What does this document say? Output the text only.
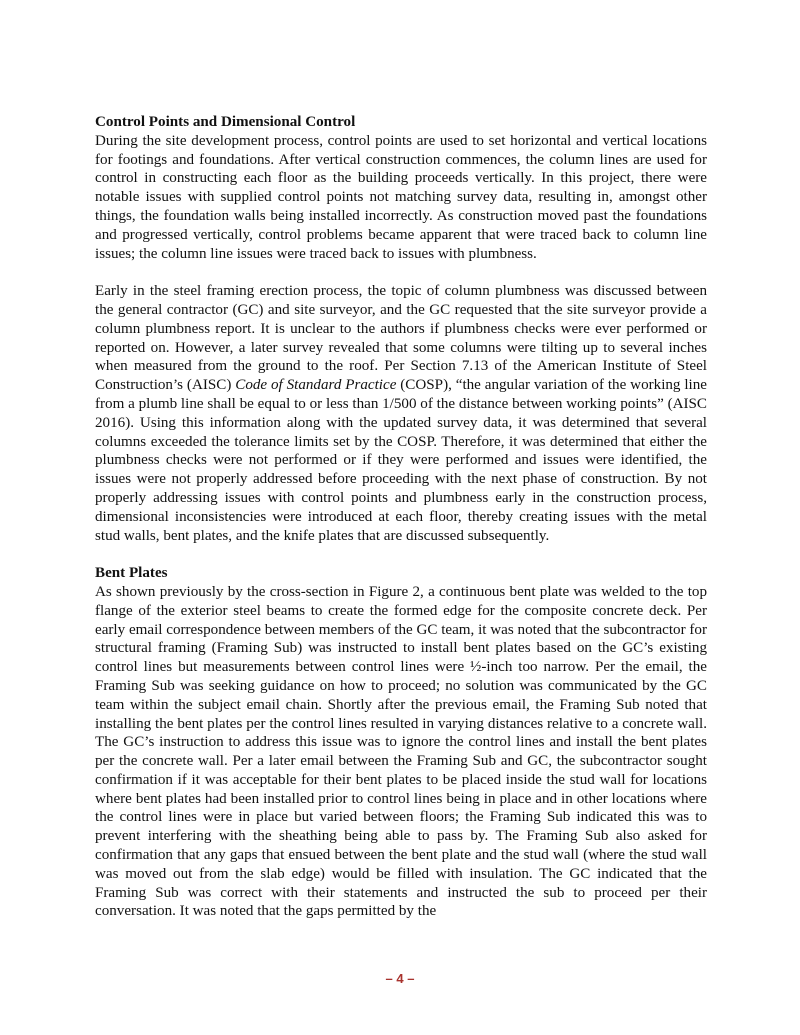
Control Points and Dimensional Control

During the site development process, control points are used to set horizontal and vertical locations for footings and foundations. After vertical construction commences, the column lines are used for control in constructing each floor as the building proceeds vertically. In this project, there were notable issues with supplied control points not matching survey data, resulting in, amongst other things, the foundation walls being installed incorrectly. As construction moved past the foundations and progressed vertically, control problems became apparent that were traced back to column line issues; the column line issues were traced back to issues with plumbness.

Early in the steel framing erection process, the topic of column plumbness was discussed between the general contractor (GC) and site surveyor, and the GC requested that the site surveyor provide a column plumbness report. It is unclear to the authors if plumbness checks were ever performed or reported on. However, a later survey revealed that some columns were tilting up to several inches when measured from the ground to the roof. Per Section 7.13 of the American Institute of Steel Construction’s (AISC) Code of Standard Practice (COSP), “the angular variation of the working line from a plumb line shall be equal to or less than 1/500 of the distance between working points” (AISC 2016). Using this information along with the updated survey data, it was determined that several columns exceeded the tolerance limits set by the COSP. Therefore, it was determined that either the plumbness checks were not performed or if they were performed and issues were identified, the issues were not properly addressed before proceeding with the next phase of construction. By not properly addressing issues with control points and plumbness early in the construction process, dimensional inconsistencies were introduced at each floor, thereby creating issues with the metal stud walls, bent plates, and the knife plates that are discussed subsequently.

Bent Plates

As shown previously by the cross-section in Figure 2, a continuous bent plate was welded to the top flange of the exterior steel beams to create the formed edge for the composite concrete deck. Per early email correspondence between members of the GC team, it was noted that the subcontractor for structural framing (Framing Sub) was instructed to install bent plates based on the GC’s existing control lines but measurements between control lines were ½-inch too narrow. Per the email, the Framing Sub was seeking guidance on how to proceed; no solution was communicated by the GC team within the subject email chain. Shortly after the previous email, the Framing Sub noted that installing the bent plates per the control lines resulted in varying distances relative to a concrete wall. The GC’s instruction to address this issue was to ignore the control lines and install the bent plates per the concrete wall. Per a later email between the Framing Sub and GC, the subcontractor sought confirmation if it was acceptable for their bent plates to be placed inside the stud wall for locations where bent plates had been installed prior to control lines being in place and in other locations where the control lines were in place but varied between floors; the Framing Sub indicated this was to prevent interfering with the sheathing being able to pass by. The Framing Sub also asked for confirmation that any gaps that ensued between the bent plate and the stud wall (where the stud wall was moved out from the slab edge) would be filled with insulation. The GC indicated that the Framing Sub was correct with their statements and instructed the sub to proceed per their conversation. It was noted that the gaps permitted by the

– 4 –
